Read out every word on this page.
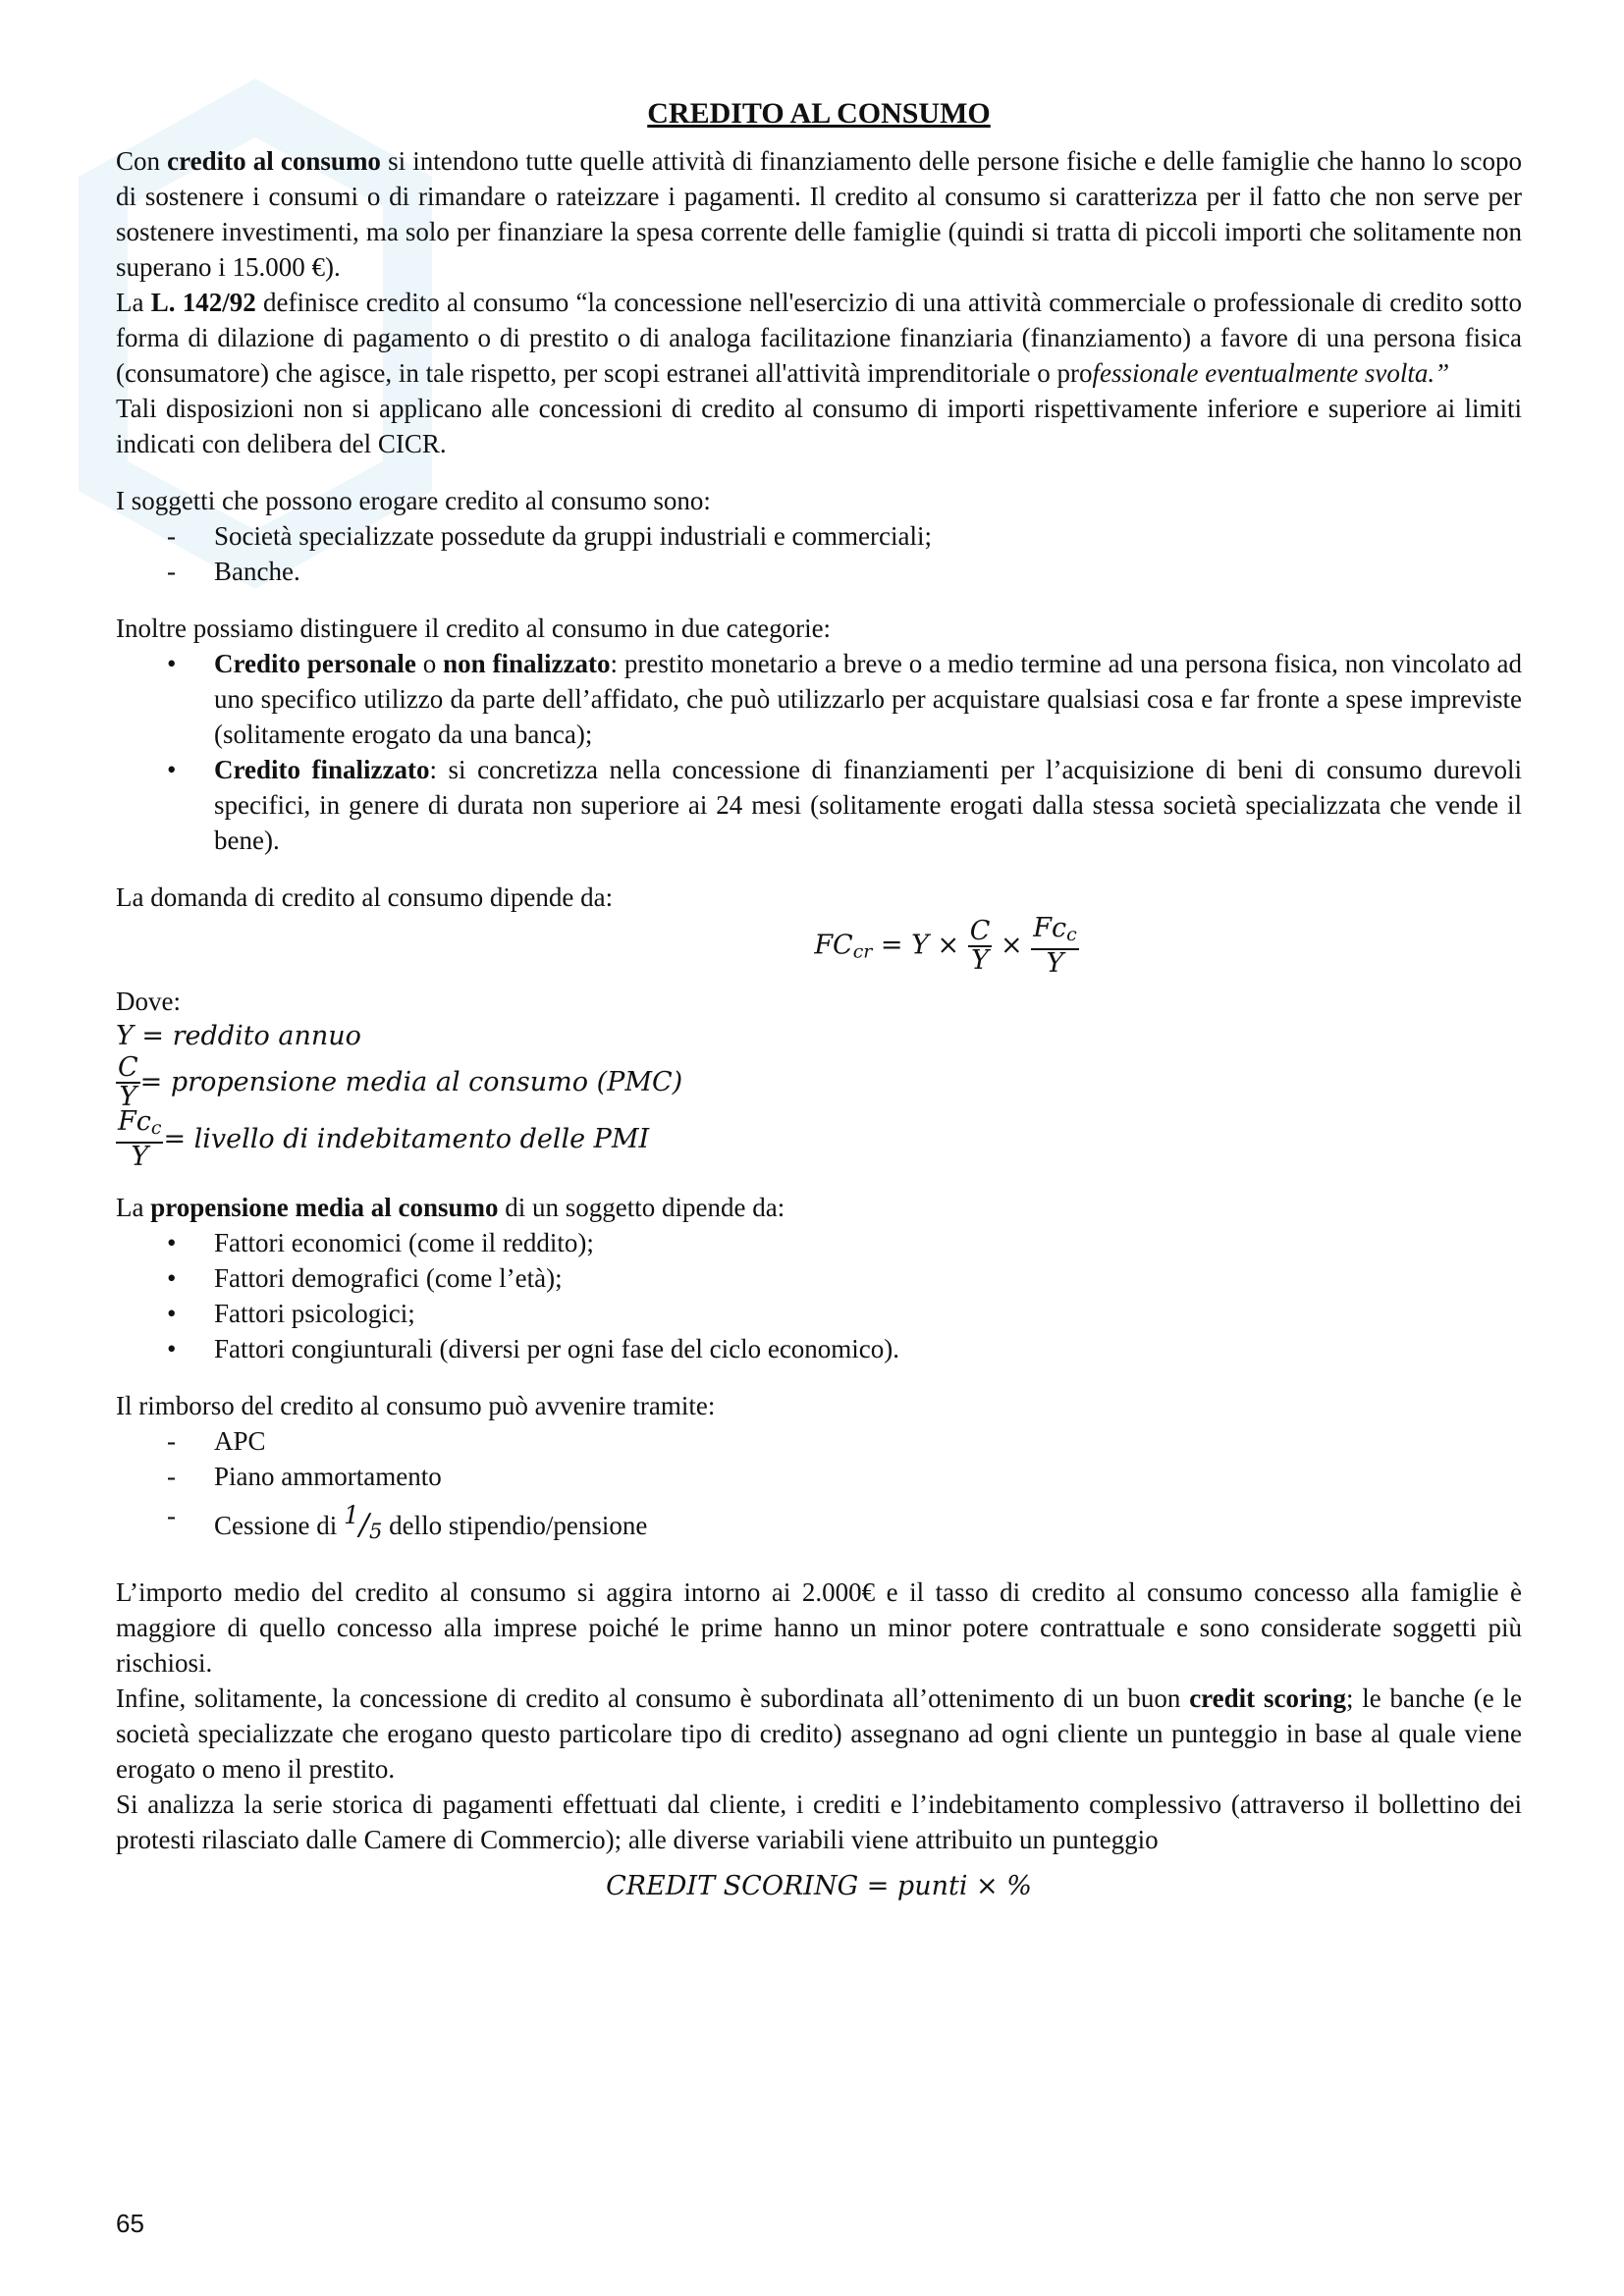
CREDITO AL CONSUMO

Con credito al consumo si intendono tutte quelle attività di finanziamento delle persone fisiche e delle famiglie che hanno lo scopo di sostenere i consumi o di rimandare o rateizzare i pagamenti. Il credito al consumo si caratterizza per il fatto che non serve per sostenere investimenti, ma solo per finanziare la spesa corrente delle famiglie (quindi si tratta di piccoli importi che solitamente non superano i 15.000 €).

La L. 142/92 definisce credito al consumo “la concessione nell'esercizio di una attività commerciale o professionale di credito sotto forma di dilazione di pagamento o di prestito o di analoga facilitazione finanziaria (finanziamento) a favore di una persona fisica (consumatore) che agisce, in tale rispetto, per scopi estranei all'attività imprenditoriale o professionale eventualmente svolta.”

Tali disposizioni non si applicano alle concessioni di credito al consumo di importi rispettivamente inferiore e superiore ai limiti indicati con delibera del CICR.

I soggetti che possono erogare credito al consumo sono:

- Società specializzate possedute da gruppi industriali e commerciali;
- Banche.

Inoltre possiamo distinguere il credito al consumo in due categorie:

• Credito personale o non finalizzato: prestito monetario a breve o a medio termine ad una persona fisica, non vincolato ad uno specifico utilizzo da parte dell’affidato, che può utilizzarlo per acquistare qualsiasi cosa e far fronte a spese impreviste (solitamente erogato da una banca);
• Credito finalizzato: si concretizza nella concessione di finanziamenti per l’acquisizione di beni di consumo durevoli specifici, in genere di durata non superiore ai 24 mesi (solitamente erogati dalla stessa società specializzata che vende il bene).

La domanda di credito al consumo dipende da:

$FC_{cr} = Y \times \frac{C}{Y} \times \frac{Fc_c}{Y}$

Dove:

Y = reddito annuo

$\frac{C}{Y}$ = propensione media al consumo (PMC)
$\frac{Fc_c}{Y}$ = livello di indebitamento delle PMI

La propensione media al consumo di un soggetto dipende da:

• Fattori economici (come il reddito);
• Fattori demografici (come l’età);
• Fattori psicologici;
• Fattori congiunturali (diversi per ogni fase del ciclo economico).

Il rimborso del credito al consumo può avvenire tramite:

- APC
- Piano ammortamento
- Cessione di $^1/_5$ dello stipendio/pensione

L’importo medio del credito al consumo si aggira intorno ai 2.000€ e il tasso di credito al consumo concesso alla famiglie è maggiore di quello concesso alla imprese poiché le prime hanno un minor potere contrattuale e sono considerate soggetti più rischiosi.

Infine, solitamente, la concessione di credito al consumo è subordinata all’ottenimento di un buon credit scoring; le banche (e le società specializzate che erogano questo particolare tipo di credito) assegnano ad ogni cliente un punteggio in base al quale viene erogato o meno il prestito.

Si analizza la serie storica di pagamenti effettuati dal cliente, i crediti e l’indebitamento complessivo (attraverso il bollettino dei protesti rilasciato dalle Camere di Commercio); alle diverse variabili viene attribuito un punteggio

CREDIT SCORING = punti × %

65
